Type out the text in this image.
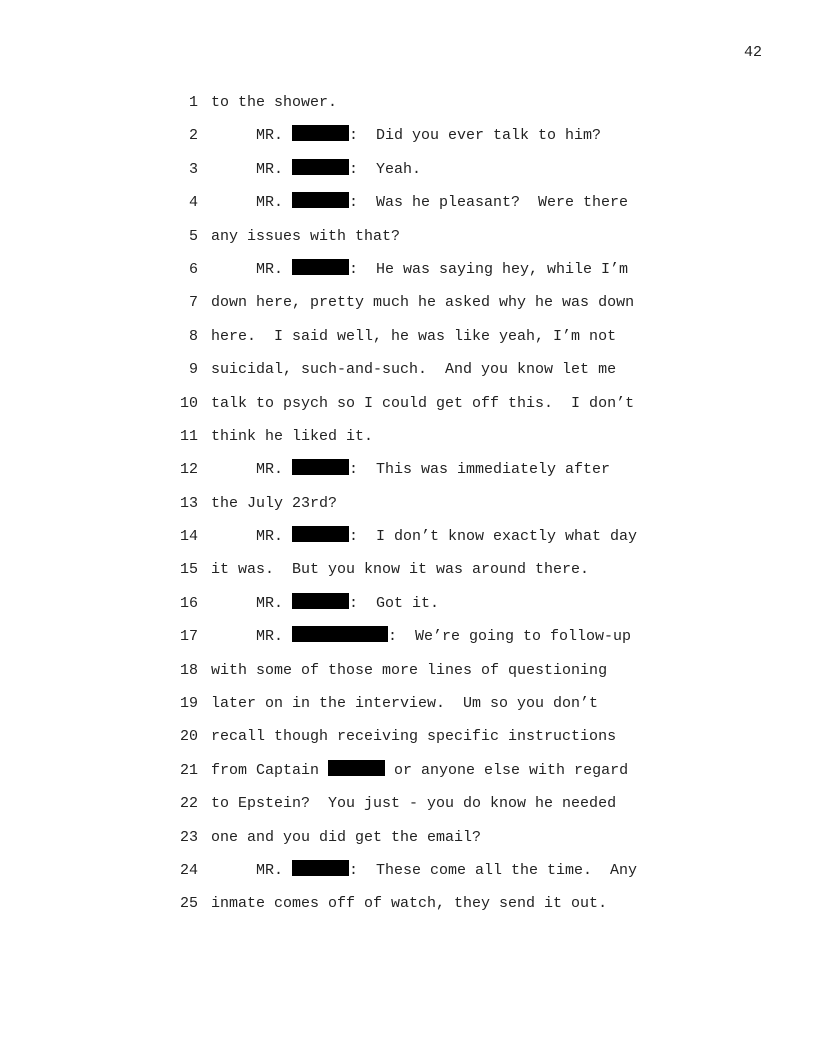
42
1 to the shower.
2 MR.	:  Did you ever talk to him?
3 MR.	:  Yeah.
4 MR.	:  Was he pleasant?  Were there
5 any issues with that?
6 MR.	:  He was saying hey, while I’m
7 down here, pretty much he asked why he was down
8 here.  I said well, he was like yeah, I’m not
9 suicidal, such-and-such.  And you know let me
10 talk to psych so I could get off this.  I don’t
11 think he liked it.
12 MR.	:  This was immediately after
13 the July 23rd?
14 MR.	:  I don’t know exactly what day
15 it was.  But you know it was around there.
16 MR.	:  Got it.
17 MR.	:  We’re going to follow-up
18 with some of those more lines of questioning
19 later on in the interview.  Um so you don’t
20 recall though receiving specific instructions
21 from Captain	or anyone else with regard
22 to Epstein?  You just - you do know he needed
23 one and you did get the email?
24 MR.	:  These come all the time.  Any
25 inmate comes off of watch, they send it out.
